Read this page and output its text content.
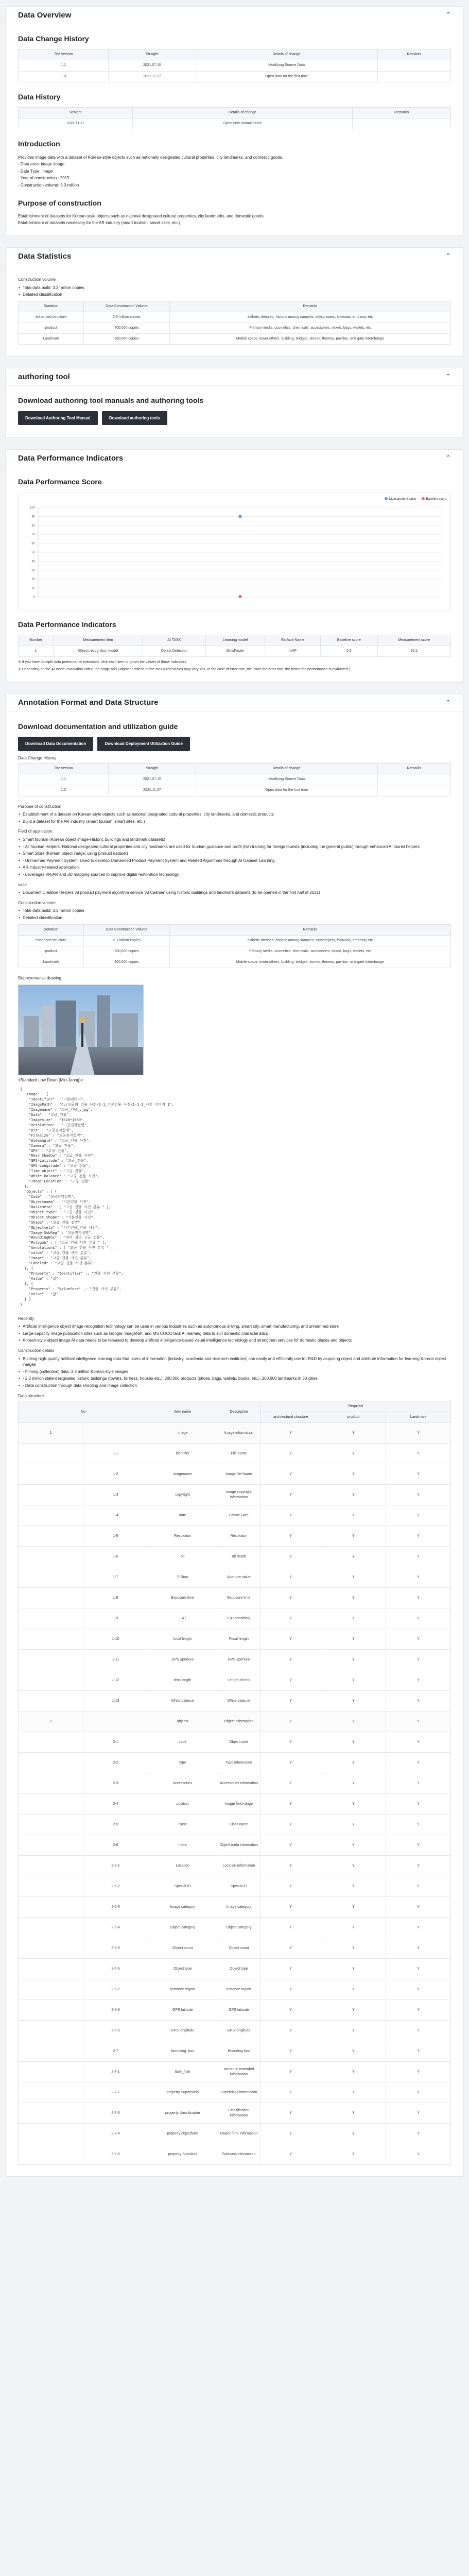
Data Overview	⌃
Data Change History
The version	Straight	Details of change	Remarks
1.1	2021.07.15	Modifying Source Data	
1.0	2021.11.27	Open data for the first time	
Data History
Straight	Details of change	Remarks
2022.11.11	Open new annual dates	
Introduction

Provides image data with a dataset of Korean-style objects such as nationally designated cultural properties, city landmarks, and domestic goods.

- Data area: image image

- Data Type: image

- Year of construction : 2019

- Construction volume: 3.3 million

Purpose of construction

Establishment of datasets for Korean-style objects such as national designated cultural properties, city landmarks, and domestic goods

Establishment of datasets necessary for the AR industry (smart tourism, smart sites, etc.)

Data Statistics	⌃
Construction volume
• Total data build: 3.3 million copies
• Detailed classification
Sortation	Data Construction Volume	Remarks
enhanced structure	2.3 million copies	asthetic dressed, historic among samples, skyscrapers, formulas, embassy etc
product	700,000 copies	Primary media, cosmetics, chemicals, accessories, mixed, bugs, wallets, etc
Landmark	300,000 copies	Mobile space, tower others, building, bridges, stones, themes, pavilion, and gate interchange
authoring tool	⌃
Download authoring tool manuals and authoring tools
Download Authoring Tool Manual	Download authoring tools
Data Performance Indicators	⌃
Data Performance Score
Measurement value	Baseline score
0
10
20
30
40
50
60
70
80
90
100
Data Performance Indicators
Number	Measurement item	AI TASK	Learning model	Earface Name	Baseline score	Measurement score
1	Object recognition model	Object Detection	SlowFaster	mAP	0.6	90.1

※ If you have multiple data performance indicators, click each item to graph the values of those indicators.

※ Depending on the AI model evaluation index, the range and judgment criteria of the measured values may vary. (ex. In the case of error rate, the lower the error rate, the better the performance is evaluated.)

Annotation Format and Data Structure	⌃
Download documentation and utilization guide
Download Data Documentation	Download Deployment Utilization Guide
Data Change History
The version	Straight	Details of change	Remarks
1.1	2021.07.15	Modifying Source Data	
1.0	2021.11.27	Open data for the first time	
Purpose of construction
• Establishment of a dataset on Korean-style objects such as national designated cultural properties, city landmarks, and domestic products
• Build a dataset for the AR industry (smart tourism, smart sites, etc.)
Field of application
• Smart tourism (Korean object image-Historic buildings and landmark datasets)
• - AI Tourism Helpers: National designated cultural properties and city landmarks are used for tourism guidance and profit (fall) training for foreign tourists (including the general public) through enhanced AI tourist helpers
• Smart Store (Korean object image: using product dataset)
• - Unmanned Payment System: Used to develop Unmanned Product Payment System and Related Algorithms through AI Dataset Learning
• AR industry-related application
• - Leverages VR/AR and 3D mapping sources to improve digital restoration technology
case
• Document Creation Helpers' AI product payment algorithm service 'AI Cashier' using historic buildings and landmark datasets (to be opened in the first half of 2021)
Construction volume
• Total data build: 3.3 million copies
• Detailed classification
Sortation	Data Construction Volume	Remarks
enhanced structure	2.3 million copies	asthetic dressed, historic among samples, skyscrapers, formulas, embassy etc
product	700,000 copies	Primary media, cosmetics, chemicals, accessories, mixed, bugs, wallets, etc
Landmark	300,000 copies	Mobile space, tower others, building, bridges, stones, themes, pavilion, and gate interchange
Representative drawing
<Standard Low Down (Min-Jeong)>
{
"Image" : {
"Identifier" : "기본데이터",
"ImagePath" : "C:/고궁의 건물 사진/1-1_기본건물 사진/1-1-1_사진 이미지 1",
"Imagename" : "고궁_건물_.jpg",
"Date" : "고궁_건물",
"Imagesize" : "1920*1080",
"Resolution" : "고궁전각설명",
"Bit" : "고궁전각설명",
"Filesize" : "고궁전각설명",
"Wideangle" : "고궁_건물 사진",
"Camera" : "고궁 건물",
"GPS" : "고궁 건물",
"Rear Shadow" : "고궁_건물 사진",
"GPS-Latitude" : "고궁_건물",
"GPS-Longitude" : "고궁 건물",
"Time object" : "고궁 건물",
"White Balance" : "고궁_건물 사진",
"Image-Location" : "고궁 건물"
},
"Objects" : [ {
"Code" : "고궁전각설명",
"Objectname" : "기본건물 사진",
"Basicmeta" : [ "고궁 건물 사진 분류 " ],
"Object-type" : "고궁_건물 사진",
"Object-Shape" : "기본건물 사진",
"Shape" : "고궁 건물 설명",
"Objectmeta" : "기본건물_건물 사진",
"Image-SubSeg" : "고궁전각설명",
"BoundingBox" : "전각 설명 고궁 건물",
"Polygon" : [ "고궁 건물 사진 분류 " ],
"Annotations" : [ "고궁 건물 사진 분류 " ],
"value" : "고궁 건물 사진 분류",
"Image" : "고궁 건물 사진 분류",
"Labeled" : "고궁 건물 사진 분류"
}, {
"Property" : "Identifier" ,: "건물 사진 분류",
"Value" : "값"
}, {
"Property" : "Valuefore" ,: "건물 사진 분류",
"Value" : "값"
} ]
}
Recently
• Artificial intelligence object image recognition technology can be used in various industries such as autonomous driving, smart city, smart manufacturing, and unmanned store
• Large-capacity image publication sites such as Google, ImageNet, and MS COCO lack AI learning data to suit domestic characteristics
• Korean-style object image AI data needs to be released to develop artificial intelligence-based visual intelligence technology and strengthen services for domestic places and objects
Construction details
• Building high-quality artificial intelligence learning data that users of information (industry, academia and research institutes) can easily and efficiently use for R&D by acquiring object and attribute information for learning Korean object images
• - Filming (collection) data: 3.3 million Korean-style images
• - 2.3 million state-designated historic buildings (towers, fortress, houses etc.), 300,000 products (shoes, bags, wallets, books, etc.), 300,000 landmarks in 30 cities
• - Data construction through data shooting and image collection
Data structure
No		Item name	Description	Required		
				architectural structure	product	Landmark
1		image	Image information	Y	Y	Y
	1-1	identifier	File name	Y	Y	Y
	1-2	imagename	Image file Name	Y	Y	Y
	1-3	copyright	Image copyright information	Y	Y	Y
	1-4	date	Create Date	Y	Y	Y
	1-5	Resolution	Resolution	Y	Y	Y
	1-6	bit	Bit depth	Y	Y	Y
	1-7	F-Stop	Aperture value	Y	Y	Y
	1-8	Exposure time	Exposure time	Y	Y	Y
	1-9	ISO	ISO sensitivity	Y	Y	Y
	1-10	focal length	Focal length	Y	Y	Y
	1-11	GPS aperture	GPS aperture	Y	Y	Y
	1-12	lens length	Length of lens	Y	Y	Y
	1-13	White balance	White balance	Y	Y	Y
2		objects	Object information	Y	Y	Y
	2-1	code	Object code	Y	Y	Y
	2-2	type	Type information	Y	Y	Y
	2-3	accessories	Accessories information	Y	Y	Y
	2-4	position	Image field range	Y	Y	Y
	2-5	class	Class name	Y	Y	Y
	2-6	meta	Object meta information	Y	Y	Y
	2-6-1	Location	Location information	Y	Y	Y
	2-6-2	Special ID	Special ID	Y	Y	Y
	2-6-3	Image category	Image category	Y	Y	Y
	2-6-4	Object category	Object category	Y	Y	Y
	2-6-5	Object count	Object count	Y	Y	Y
	2-6-6	Object type	Object type	Y	Y	Y
	2-6-7	Instance region	Instance region	Y	Y	Y
	2-6-8	GPS latitude	GPS latitude	Y	Y	Y
	2-6-9	GPS longitude	GPS longitude	Y	Y	Y
	2-7	bounding_box	Bounding box	Y	Y	Y
	2-7-1	label_hair	semantic extended information	Y	Y	Y
	2-7-2	property Superclass	Superclass information	Y	Y	Y
	2-7-3	property classification	Classification information	Y	Y	Y
	2-7-4	property objectform	Object form information	Y	Y	Y
	2-7-5	property Subclass	Subclass information	Y	Y	Y
